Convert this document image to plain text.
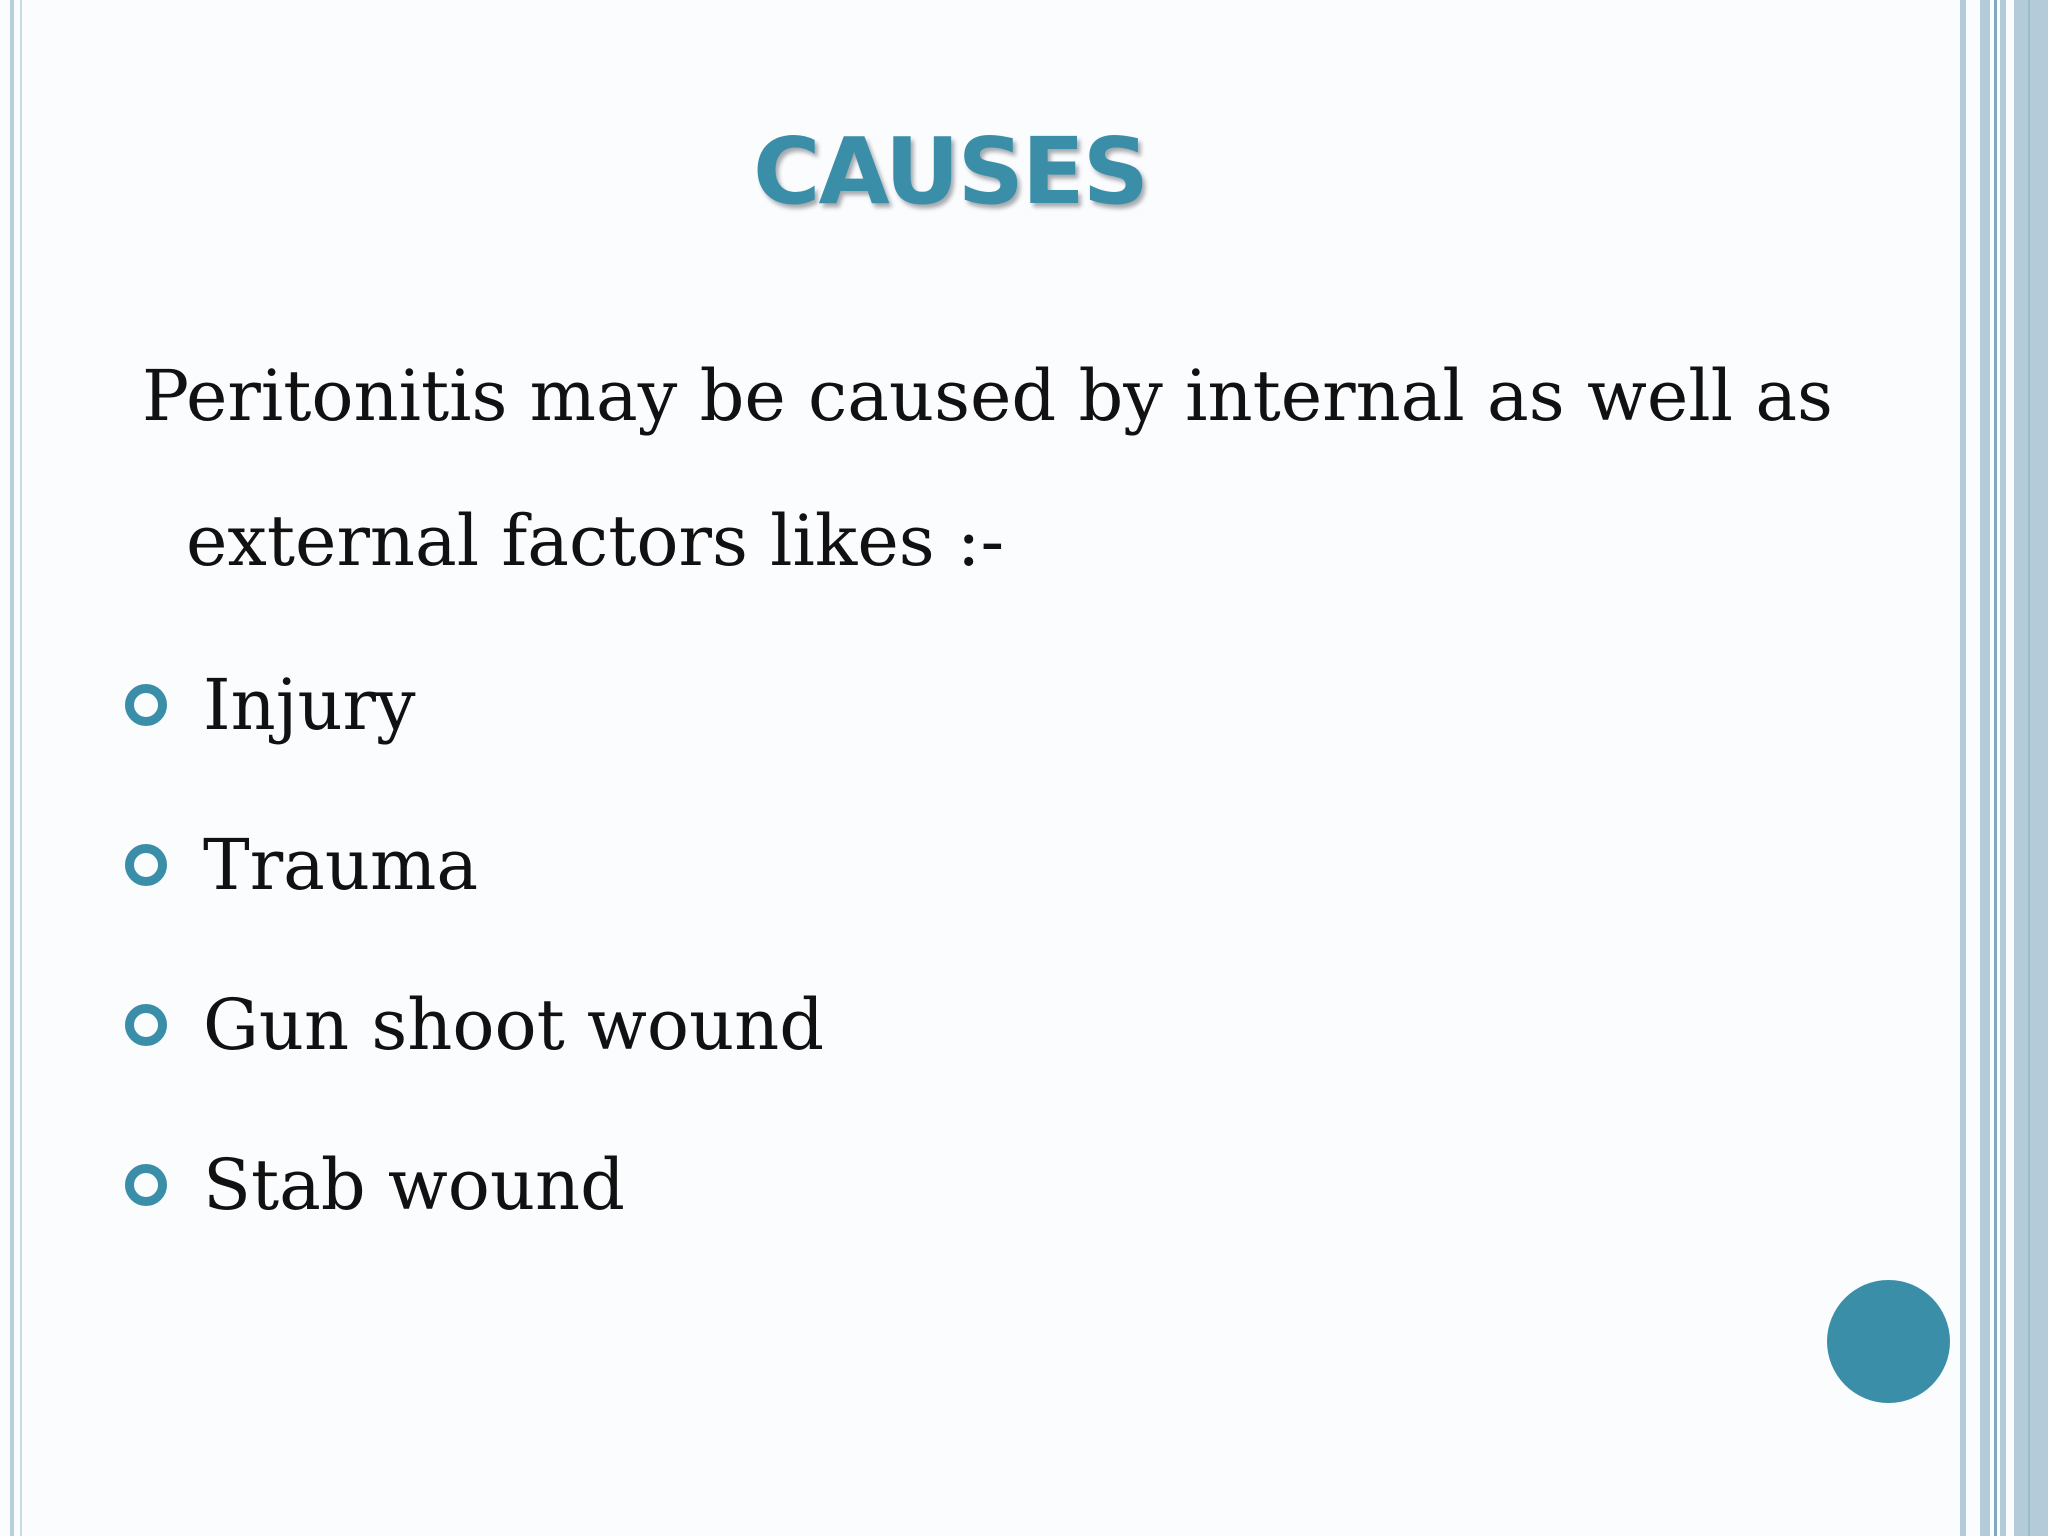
CAUSES
Peritonitis may be caused by internal as well as
external factors likes :-
Injury
Trauma
Gun shoot wound
Stab wound
